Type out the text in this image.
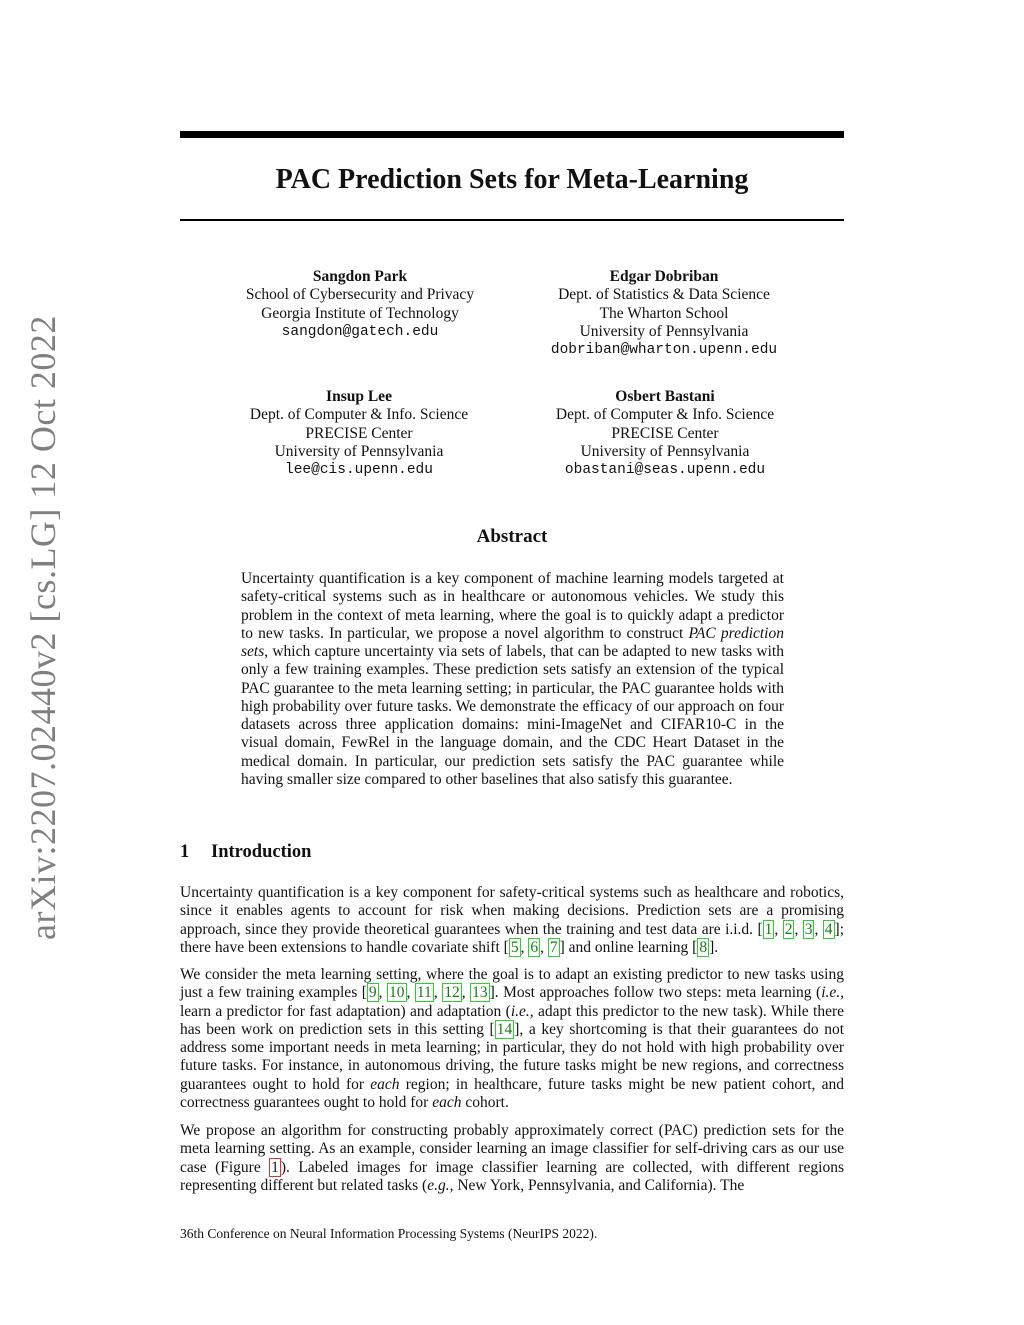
arXiv:2207.02440v2 [cs.LG] 12 Oct 2022
PAC Prediction Sets for Meta-Learning
Sangdon Park
School of Cybersecurity and Privacy
Georgia Institute of Technology
sangdon@gatech.edu
Edgar Dobriban
Dept. of Statistics & Data Science
The Wharton School
University of Pennsylvania
dobriban@wharton.upenn.edu
Insup Lee
Dept. of Computer & Info. Science
PRECISE Center
University of Pennsylvania
lee@cis.upenn.edu
Osbert Bastani
Dept. of Computer & Info. Science
PRECISE Center
University of Pennsylvania
obastani@seas.upenn.edu
Abstract
Uncertainty quantification is a key component of machine learning models targeted at safety-critical systems such as in healthcare or autonomous vehicles. We study this problem in the context of meta learning, where the goal is to quickly adapt a predictor to new tasks. In particular, we propose a novel algorithm to construct PAC prediction sets, which capture uncertainty via sets of labels, that can be adapted to new tasks with only a few training examples. These prediction sets satisfy an extension of the typical PAC guarantee to the meta learning setting; in particular, the PAC guarantee holds with high probability over future tasks. We demonstrate the efficacy of our approach on four datasets across three application domains: mini-ImageNet and CIFAR10-C in the visual domain, FewRel in the language domain, and the CDC Heart Dataset in the medical domain. In particular, our prediction sets satisfy the PAC guarantee while having smaller size compared to other baselines that also satisfy this guarantee.
1 Introduction
Uncertainty quantification is a key component for safety-critical systems such as healthcare and robotics, since it enables agents to account for risk when making decisions. Prediction sets are a promising approach, since they provide theoretical guarantees when the training and test data are i.i.d. [ 1 , 2 , 3 , 4 ]; there have been extensions to handle covariate shift [ 5 , 6 , 7 ] and online learning [ 8 ].
We consider the meta learning setting, where the goal is to adapt an existing predictor to new tasks using just a few training examples [ 9 , 10 , 11 , 12 , 13 ]. Most approaches follow two steps: meta learning (i.e., learn a predictor for fast adaptation) and adaptation (i.e., adapt this predictor to the new task). While there has been work on prediction sets in this setting [ 14 ], a key shortcoming is that their guarantees do not address some important needs in meta learning; in particular, they do not hold with high probability over future tasks. For instance, in autonomous driving, the future tasks might be new regions, and correctness guarantees ought to hold for each region; in healthcare, future tasks might be new patient cohort, and correctness guarantees ought to hold for each cohort.
We propose an algorithm for constructing probably approximately correct (PAC) prediction sets for the meta learning setting. As an example, consider learning an image classifier for self-driving cars as our use case (Figure 1 ). Labeled images for image classifier learning are collected, with different regions representing different but related tasks (e.g., New York, Pennsylvania, and California). The
36th Conference on Neural Information Processing Systems (NeurIPS 2022).
